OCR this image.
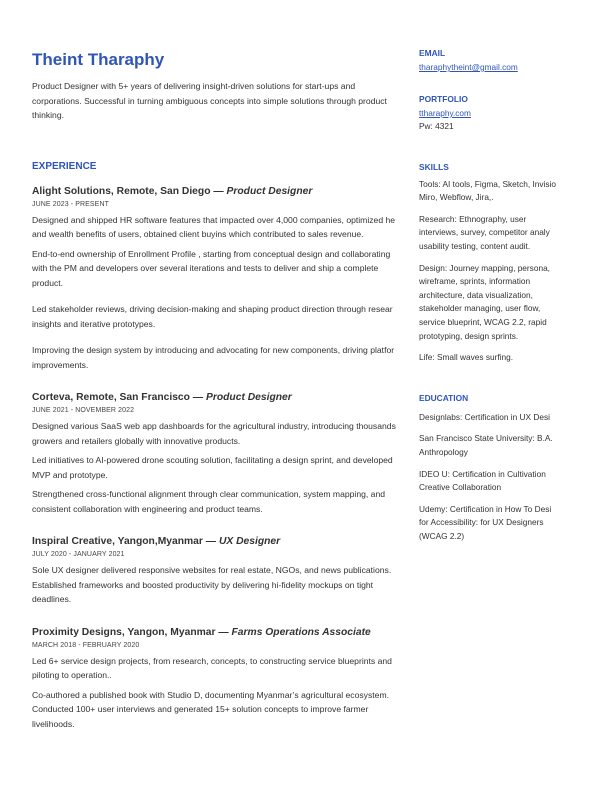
Theint Tharaphy

Product Designer with 5+ years of delivering insight-driven solutions for start-ups and corporations. Successful in turning ambiguous concepts into simple solutions through product thinking.

EXPERIENCE
Alight Solutions, Remote, San Diego — Product Designer
JUNE 2023 - PRESENT

Designed and shipped HR software features that impacted over 4,000 companies, optimized he
and wealth benefits of users, obtained client buyins which contributed to sales revenue.

End-to-end ownership of Enrollment Profile , starting from conceptual design and collaborating
with the PM and developers over several iterations and tests to deliver and ship a complete
product.

Led stakeholder reviews, driving decision-making and shaping product direction through resear
insights and iterative prototypes.

Improving the design system by introducing and advocating for new components, driving platfor
improvements.

Corteva, Remote, San Francisco — Product Designer
JUNE 2021 - NOVEMBER 2022

Designed various SaaS web app dashboards for the agricultural industry, introducing thousands
growers and retailers globally with innovative products.

Led initiatives to AI-powered drone scouting solution, facilitating a design sprint, and developed
MVP and prototype.

Strengthened cross-functional alignment through clear communication, system mapping, and
consistent collaboration with engineering and product teams.

Inspiral Creative, Yangon,Myanmar — UX Designer
JULY 2020 - JANUARY 2021

Sole UX designer delivered responsive websites for real estate, NGOs, and news publications.
Established frameworks and boosted productivity by delivering hi-fidelity mockups on tight
deadlines.

Proximity Designs, Yangon, Myanmar — Farms Operations Associate
MARCH 2018 - FEBRUARY 2020

Led 6+ service design projects, from research, concepts, to constructing service blueprints and
piloting to operation..

Co-authored a published book with Studio D, documenting Myanmar’s agricultural ecosystem.
Conducted 100+ user interviews and generated 15+ solution concepts to improve farmer
livelihoods.

EMAIL
tharaphytheint@gmail.com
PORTFOLIO
ttharaphy.com
Pw: 4321
SKILLS

Tools: AI tools, Figma, Sketch, Invisio
Miro, Webflow, Jira,.

Research: Ethnography, user
interviews, survey, competitor analy
usability testing, content audit.

Design: Journey mapping, persona,
wireframe, sprints, information
architecture, data visualization,
stakeholder managing, user flow,
service blueprint, WCAG 2.2, rapid
prototyping, design sprints.

Life: Small waves surfing.

EDUCATION

Designlabs: Certification in UX Desi

San Francisco State University: B.A.
Anthropology

IDEO U: Certification in Cultivation
Creative Collaboration

Udemy: Certification in How To Desi
for Accessibility: for UX Designers
(WCAG 2.2)
